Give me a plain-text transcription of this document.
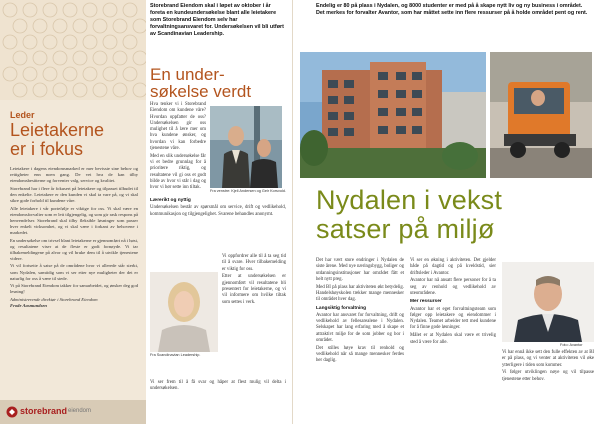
Leder
Leietakerne
er i fokus

Leietakere i dagens eiendomsmarked er mer bevisste sine behov og rettigheter enn noen gang. De vet hva de kan tilby eiendomsbesitterne og forventer valg, service og kvalitet.

Storebrand har i flere år fokusert på leietakere og tilpasset tilbudet til den enkelte. Leietakere er den kunden vi skal ta vare på, og vi skal sikre gode forhold til kundene våre.

Alle leietakere i vår portefølje er viktige for oss. Vi skal være en eiendomsforvalter som er lett tilgjengelig, og som gir rask respons på henvendelser. Storebrand skal tilby fleksible løsninger som passer hver enkelt virksomhet, og vi skal være i forkant av behovene i markedet.

En undersøkelse om trivsel blant leietakerne er gjennomført nå i høst, og resultatene viser at de fleste er godt fornøyde. Vi tar tilbakemeldingene på alvor og vil bruke dem til å utvikle tjenestene videre.

Vi vil fortsette å satse på de områdene hvor vi allerede står sterkt, som Nydalen, samtidig som vi ser etter nye muligheter der det er naturlig for oss å være til stede.

Vi på Storebrand Eiendom takker for samarbeidet, og ønsker deg god lesning!

Administrerende direktør i Storebrand Eiendom
Frode Aasmundsen
storebrand eiendom
Storebrand Eiendom skal i løpet av oktober i år foreta en kundeundersøkelse blant alle leietakere som Storebrand Eiendom selv har forvaltningsansvaret for. Undersøkelsen vil bli utført av Scandinavian Leadership.
En under-
søkelse verdt

Hva tenker vi i Storebrand Eiendom om kundene våre? Hvordan oppfatter de oss? Undersøkelsen gir oss mulighet til å lære mer om hva kundene ønsker, og hvordan vi kan forbedre tjenestene våre.

Med en slik undersøkelse får vi et bedre grunnlag for å prioritere riktig, og resultatene vil gi oss et godt bilde av hvor vi står i dag og hvor vi bør sette inn tiltak.

Fra venstre: Kjell Andersen og Geir Korsvold.
Lærerikt og nyttig

Undersøkelsen består av spørsmål om service, drift og vedlikehold, kommunikasjon og tilgjengelighet. Svarene behandles anonymt.

Fra Scandinavian Leadership.

Vi oppfordrer alle til å ta seg tid til å svare. Hver tilbakemelding er viktig for oss.

Etter at undersøkelsen er gjennomført vil resultatene bli presentert for leietakerne, og vi vil informere om hvilke tiltak som settes i verk.

Vi ser frem til å få svar og håper at flest mulig vil delta i undersøkelsen.

Endelig er 80 på plass i Nydalen, og 8000 studenter er med på å skape nytt liv og ny business i området. Det merkes for forvalter Avantor, som har måttet sette inn flere ressurser på å holde området pent og rent.
Vernehuset i Nydalen huser nå Handelshøyskolen BI	Snart kan vi oppleve rent og pent i Nydalen
Nydalen i vekst
satser på miljø

Det har vært store endringer i Nydalen de siste årene. Med nye næringsbygg, boliger og utdanningsinstitusjoner har området fått et helt nytt preg.

Med BI på plass har aktiviteten økt betydelig. Handelshøyskolen trekker mange mennesker til området hver dag.

Langsiktig forvaltning

Avantor har ansvaret for forvaltning, drift og vedlikehold av fellesarealene i Nydalen. Selskapet har lang erfaring med å skape et attraktivt miljø for de som jobber og bor i området.

Det stilles høye krav til renhold og vedlikehold når så mange mennesker ferdes her daglig.

Vi ser en økning i aktiviteten. Det gjelder både på dagtid og på kveldstid, sier driftsleder i Avantor.

Avantor har nå ansatt flere personer for å ta seg av renhold og vedlikehold av uteområdene.

Mer ressurser

Avantor har et eget forvaltningsteam som følger opp leietakere og eiendommer i Nydalen. Teamet arbeider tett med kundene for å finne gode løsninger.

Målet er at Nydalen skal være et trivelig sted å være for alle.

Foto: Avantor

Vi har ennå ikke sett den fulle effekten av at BI er på plass, og vi venter at aktiviteten vil øke ytterligere i tiden som kommer.

Vi følger utviklingen nøye og vil tilpasse tjenestene etter behov.
